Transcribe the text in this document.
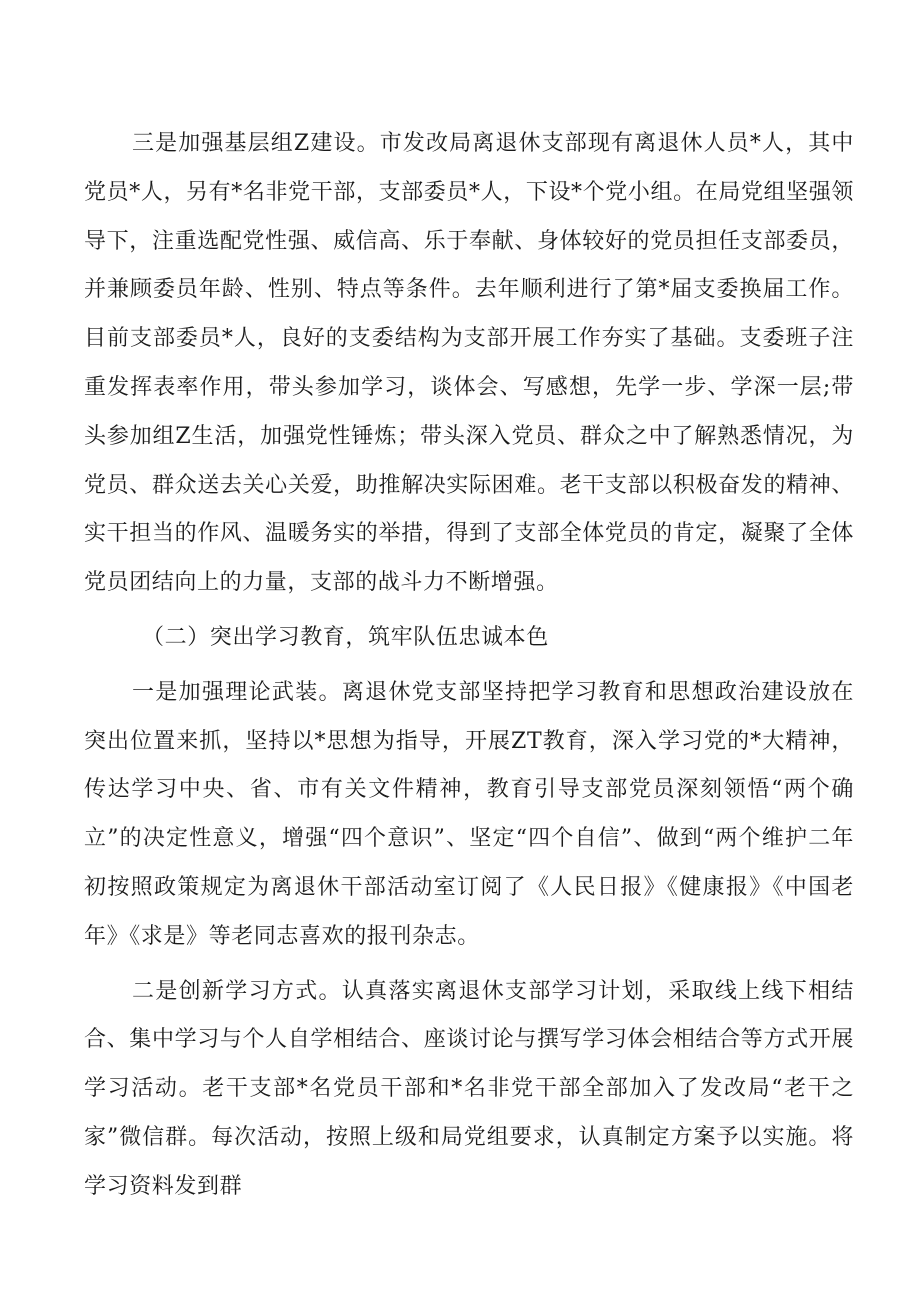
三是加强基层组Z建设。市发改局离退休支部现有离退休人员*人，其中党员*人，另有*名非党干部，支部委员*人，下设*个党小组。在局党组坚强领导下，注重选配党性强、威信高、乐于奉献、身体较好的党员担任支部委员，并兼顾委员年龄、性别、特点等条件。去年顺利进行了第*届支委换届工作。目前支部委员*人，良好的支委结构为支部开展工作夯实了基础。支委班子注重发挥表率作用，带头参加学习，谈体会、写感想，先学一步、学深一层;带头参加组Z生活，加强党性锤炼；带头深入党员、群众之中了解熟悉情况，为党员、群众送去关心关爱，助推解决实际困难。老干支部以积极奋发的精神、实干担当的作风、温暖务实的举措，得到了支部全体党员的肯定，凝聚了全体党员团结向上的力量，支部的战斗力不断增强。

（二）突出学习教育，筑牢队伍忠诚本色

一是加强理论武装。离退休党支部坚持把学习教育和思想政治建设放在突出位置来抓，坚持以*思想为指导，开展ZT教育，深入学习党的*大精神，传达学习中央、省、市有关文件精神，教育引导支部党员深刻领悟“两个确立”的决定性意义，增强“四个意识”、坚定“四个自信”、做到“两个维护二年初按照政策规定为离退休干部活动室订阅了《人民日报》《健康报》《中国老年》《求是》等老同志喜欢的报刊杂志。

二是创新学习方式。认真落实离退休支部学习计划，采取线上线下相结合、集中学习与个人自学相结合、座谈讨论与撰写学习体会相结合等方式开展学习活动。老干支部*名党员干部和*名非党干部全部加入了发改局“老干之家”微信群。每次活动，按照上级和局党组要求，认真制定方案予以实施。将学习资料发到群
